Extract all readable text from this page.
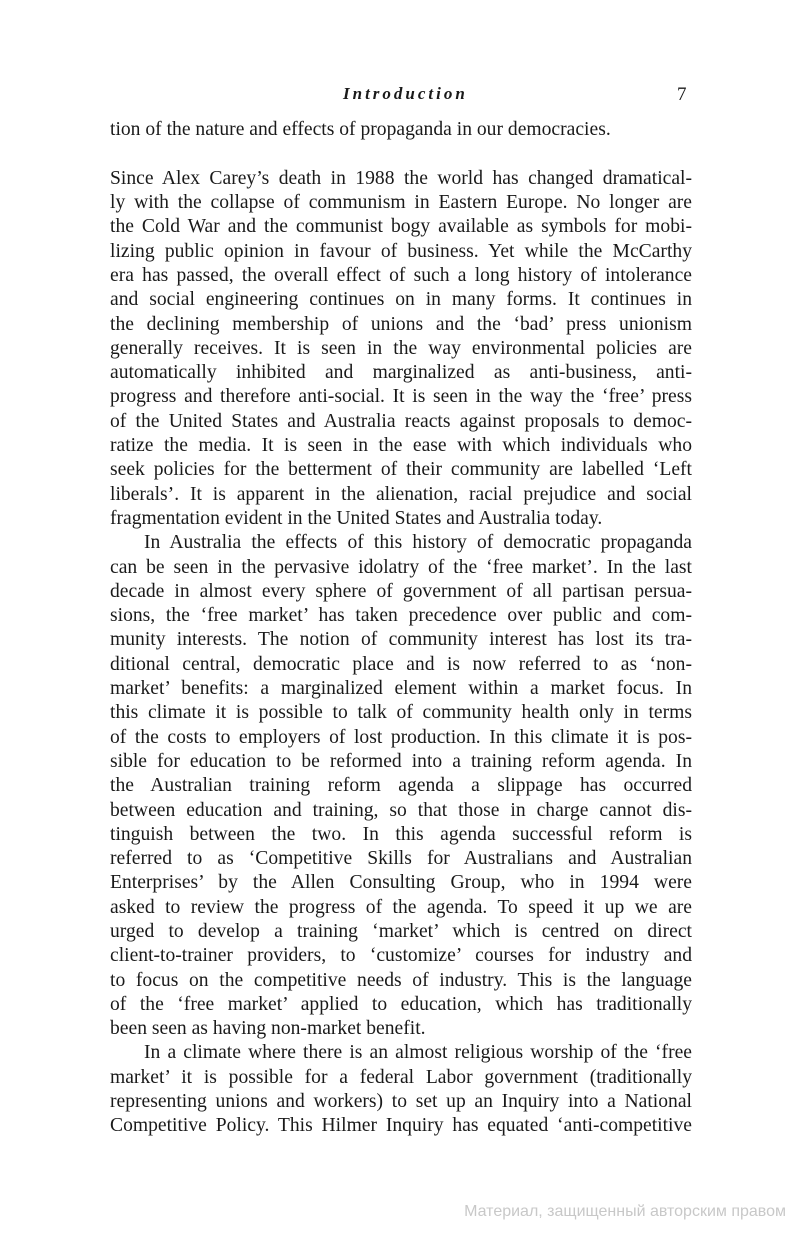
Introduction	7

tion of the nature and effects of propaganda in our democracies.

Since Alex Carey’s death in 1988 the world has changed dramatical-
ly with the collapse of communism in Eastern Europe. No longer are
the Cold War and the communist bogy available as symbols for mobi-
lizing public opinion in favour of business. Yet while the McCarthy
era has passed, the overall effect of such a long history of intolerance
and social engineering continues on in many forms. It continues in
the declining membership of unions and the ‘bad’ press unionism
generally receives. It is seen in the way environmental policies are
automatically inhibited and marginalized as anti-business, anti-
progress and therefore anti-social. It is seen in the way the ‘free’ press
of the United States and Australia reacts against proposals to democ-
ratize the media. It is seen in the ease with which individuals who
seek policies for the betterment of their community are labelled ‘Left
liberals’. It is apparent in the alienation, racial prejudice and social
fragmentation evident in the United States and Australia today.

In Australia the effects of this history of democratic propaganda
can be seen in the pervasive idolatry of the ‘free market’. In the last
decade in almost every sphere of government of all partisan persua-
sions, the ‘free market’ has taken precedence over public and com-
munity interests. The notion of community interest has lost its tra-
ditional central, democratic place and is now referred to as ‘non-
market’ benefits: a marginalized element within a market focus. In
this climate it is possible to talk of community health only in terms
of the costs to employers of lost production. In this climate it is pos-
sible for education to be reformed into a training reform agenda. In
the Australian training reform agenda a slippage has occurred
between education and training, so that those in charge cannot dis-
tinguish between the two. In this agenda successful reform is
referred to as ‘Competitive Skills for Australians and Australian
Enterprises’ by the Allen Consulting Group, who in 1994 were
asked to review the progress of the agenda. To speed it up we are
urged to develop a training ‘market’ which is centred on direct
client-to-trainer providers, to ‘customize’ courses for industry and
to focus on the competitive needs of industry. This is the language
of the ‘free market’ applied to education, which has traditionally
been seen as having non-market benefit.

In a climate where there is an almost religious worship of the ‘free
market’ it is possible for a federal Labor government (traditionally
representing unions and workers) to set up an Inquiry into a National
Competitive Policy. This Hilmer Inquiry has equated ‘anti-competitive

Материал, защищенный авторским правом
